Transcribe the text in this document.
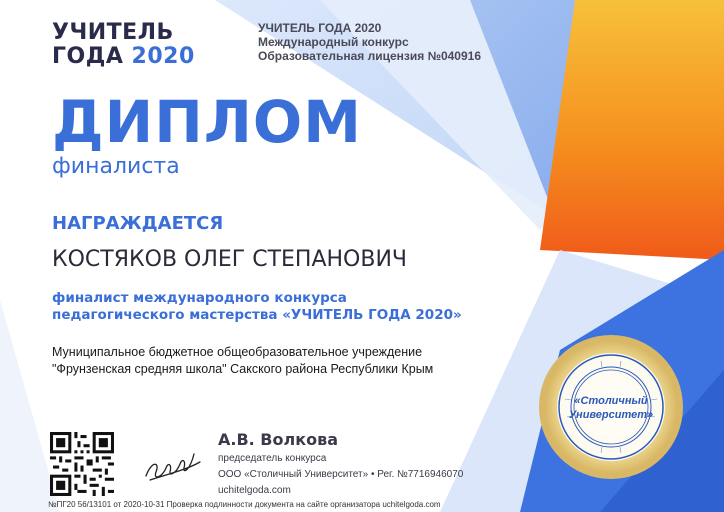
УЧИТЕЛЬ
ГОДА 2020
УЧИТЕЛЬ ГОДА 2020
Международный конкурс
Образовательная лицензия №040916
ДИПЛОМ
финалиста
НАГРАЖДАЕТСЯ
КОСТЯКОВ ОЛЕГ СТЕПАНОВИЧ
финалист международного конкурса
педагогического мастерства «УЧИТЕЛЬ ГОДА 2020»
Муниципальное бюджетное общеобразовательное учреждение
"Фрунзенская средняя школа" Сакского района Республики Крым
А.В. Волкова
председатель конкурса
ООО «Столичный Университет» • Рег. №7716946070
uchitelgoda.com
«Столичный
Университет»
№ПГ20 56/13101 от 2020-10-31 Проверка подлинности документа на сайте организатора uchitelgoda.com
